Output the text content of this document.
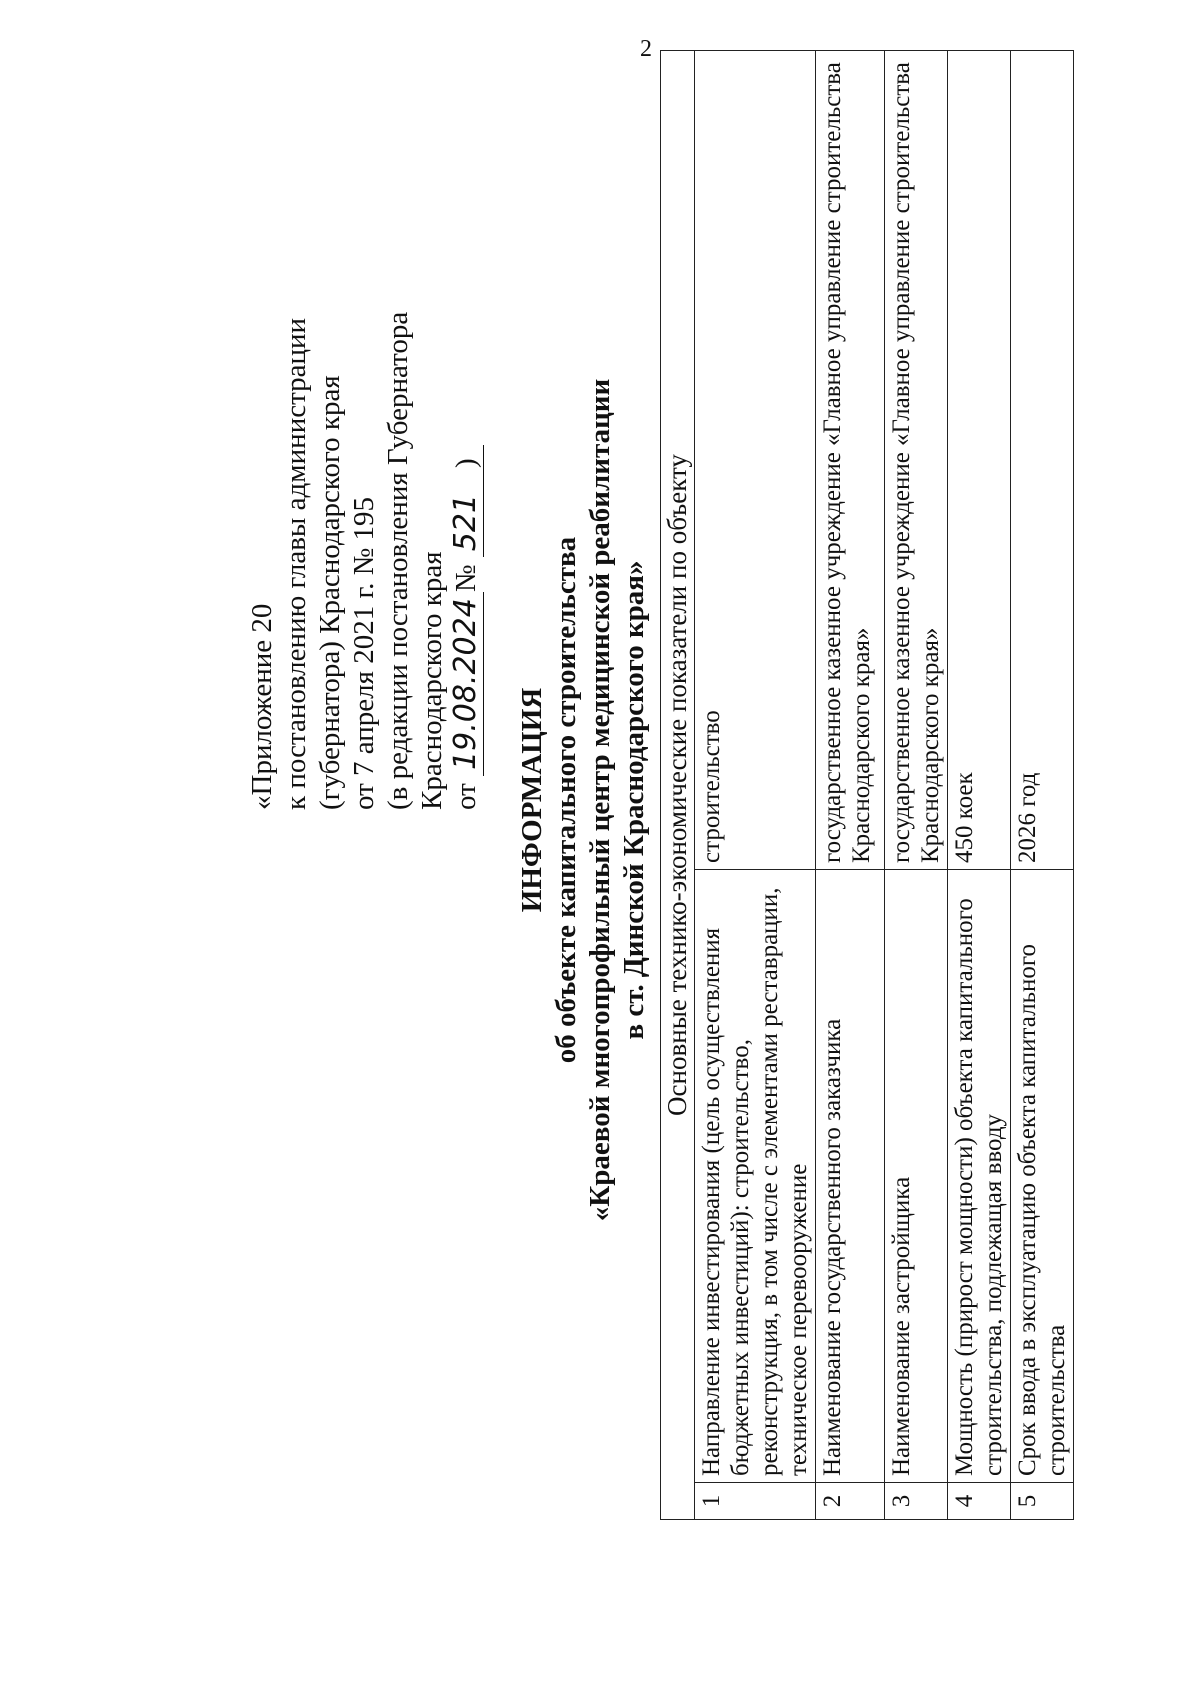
2
«Приложение 20 к постановлению главы администрации (губернатора) Краснодарского края от 7 апреля 2021 г. № 195 (в редакции постановления Губернатора Краснодарского края от 19.08.2024№ 521 )
ИНФОРМАЦИЯ об объекте капитального строительства «Краевой многопрофильный центр медицинской реабилитации в ст. Динской Краснодарского края» Основные технико-экономические показатели по объекту		
1	Направление инвестирования (цель осуществления бюджетных инвестиций): строительство, реконструкция, в том числе с элементами реставрации, техническое перевооружение	строительство
2	Наименование государственного заказчика	государственное казенное учреждение «Главное управление строительства Краснодарского края»
3	Наименование застройщика	государственное казенное учреждение «Главное управление строительства Краснодарского края»
4	Мощность (прирост мощности) объекта капитального строительства, подлежащая вводу	450 коек
5	Срок ввода в эксплуатацию объекта капитального строительства	2026 год
